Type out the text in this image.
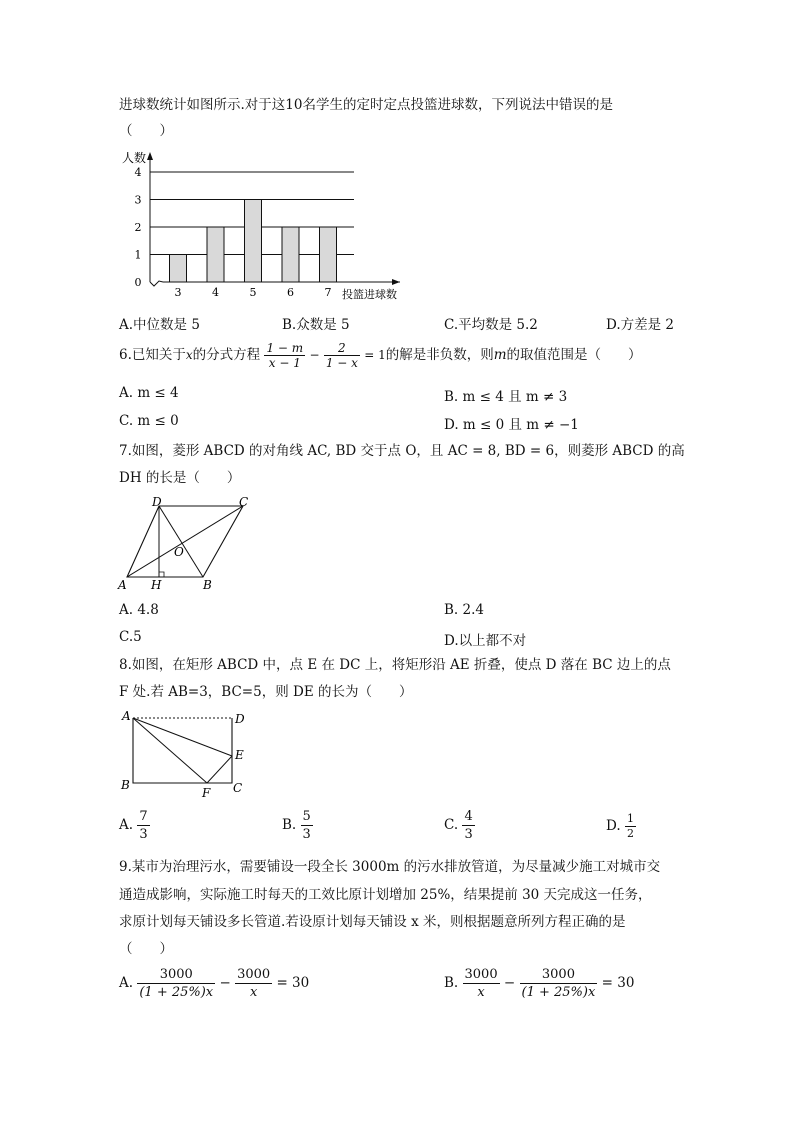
进球数统计如图所示.对于这10名学生的定时定点投篮进球数，下列说法中错误的是
（　　）
0
1
2
3
4
3	4	5	6	7
人数
投篮进球数
A.中位数是 5	B.众数是 5	C.平均数是 5.2	D.方差是 2
6.已知关于x的分式方程 $\frac{1 - m}{x - 1} - \frac{2}{1 - x} = 1$的解是非负数，则m的取值范围是（　　）
A. m ≤ 4	B. m ≤ 4 且 m ≠ 3
C. m ≤ 0	D. m ≤ 0 且 m ≠ −1
7.如图，菱形 ABCD 的对角线 AC, BD 交于点 O，且 AC = 8, BD = 6，则菱形 ABCD 的高
DH 的长是（　　）
A	B
C
D
O
H
A. 4.8	B. 2.4
C.5	D.以上都不对
8.如图，在矩形 ABCD 中，点 E 在 DC 上，将矩形沿 AE 折叠，使点 D 落在 BC 边上的点
F 处.若 AB=3，BC=5，则 DE 的长为（　　）
A	D
E
B	C
F
A. $\frac{7}{3}$	B. $\frac{5}{3}$	C. $\frac{4}{3}$	D. $\frac{1}{2}$
9.某市为治理污水，需要铺设一段全长 3000m 的污水排放管道，为尽量减少施工对城市交
通造成影响，实际施工时每天的工效比原计划增加 25%，结果提前 30 天完成这一任务，
求原计划每天铺设多长管道.若设原计划每天铺设 x 米，则根据题意所列方程正确的是
（　　）
A. $\frac{3000}{(1 + 25\%)x} - \frac{3000}{x} = 30$	B. $\frac{3000}{x} - \frac{3000}{(1 + 25\%)x} = 30$
